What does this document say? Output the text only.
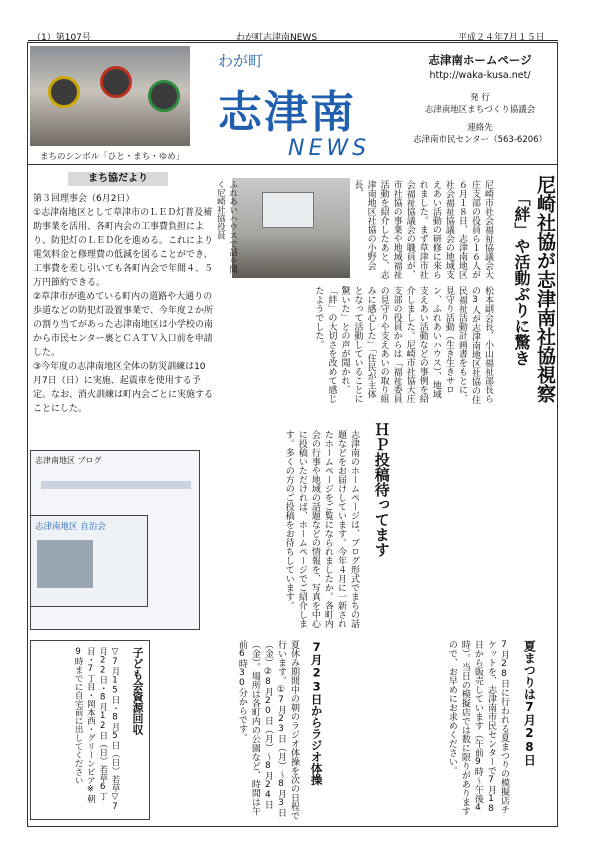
（1）第107号	わが町志津南NEWS	平成２４年7月１５日
まちのシンボル「ひと・まち・ゆめ」
わが町
志津南
NEWS
志津南ホームページ
http://waka-kusa.net/
発 行
志津南地区まちづくり協議会
連絡先
志津南市民センター（563-6206）
まち協だより
第３回理事会（6月2日）
①志津南地区として草津市のＬＥＤ灯普及補助事業を活用、各町内会の工事費負担により、防犯灯のＬＥＤ化を進める。これにより電気料金と修理費の低減を図ることができ、工事費を差し引いても各町内会で年間４、５万円節約できる。
②草津市が進めている町内の道路や大通りの歩道などの防犯灯設置事業で、今年度２か所の割り当てがあった志津南地区は小学校の南から市民センター裏とＣＡＴＶ入口前を申請した。
③今年度の志津南地区全体の防災訓練は10月7日（日）に実施、起震車を使用する予定。なお、消火訓練は町内会ごとに実施することにした。
尼崎社協が志津南社協視察
「絆」や活動ぶりに驚き
ふれあいハウスで話を聞く尼崎社協役員	尼崎市社会福祉協議会大庄支部の役員ら１６人が６月１８日、志津南地区社会福祉協議会の地域支えあい活動の研修に来られました。まず草津市社会福祉協議会の職員が、市社協の事業や地域福祉活動を紹介したあと、志津南地区社協の小野会長、
松本副会長、小山福祉部長らの3人が志津南地区社協の住民福祉活動計画書をもとに、見守り活動（生き生きサロン、ふれあいハウス）、地域支えあい活動などの事例を紹介しました。尼崎市社協大庄支部の役員からは「福祉委員の見守りや支えあいの取り組みに感心した」「住民が主体となって活動していることに驚いた」との声が聞かれ、「絆」の大切さを改めて感じたようでした。
志津南地区 ブログ
志津南地区 自治会	ＨＰ投稿待ってます
志津南のホームページは、ブログ形式でまちの話題などをお届けしています。今年４月に一新されたホームページをご覧になられましたか。各町内会の行事や地域の話題などの情報を、写真を中心に投稿いただければ、ホームページでご紹介します。多くの方のご投稿をお待ちしています。
夏まつりは7月28日
7月28日に行われる夏まつりの模擬店チケットを、志津南市民センターで7月18日から販売しています（午前9時～午後4時）。当日の模擬店では数に限りがありますので、お早めにお求めください。
7月23日からラジオ体操
夏休み期間中の朝のラジオ体操を次の日程で行います。①7月23日（月）～8月3日（金）②8月20日（月）～8月24日（金）。場所は各町内の公園など、時間は午前6時30分からです。
子ども会資源回収
▽7月15日・8月5日（日）若草▽7月22日・8月12日（日）若草6丁目・7丁目・岡本西・グリーンビア※朝9時までに自宅前に出してください
